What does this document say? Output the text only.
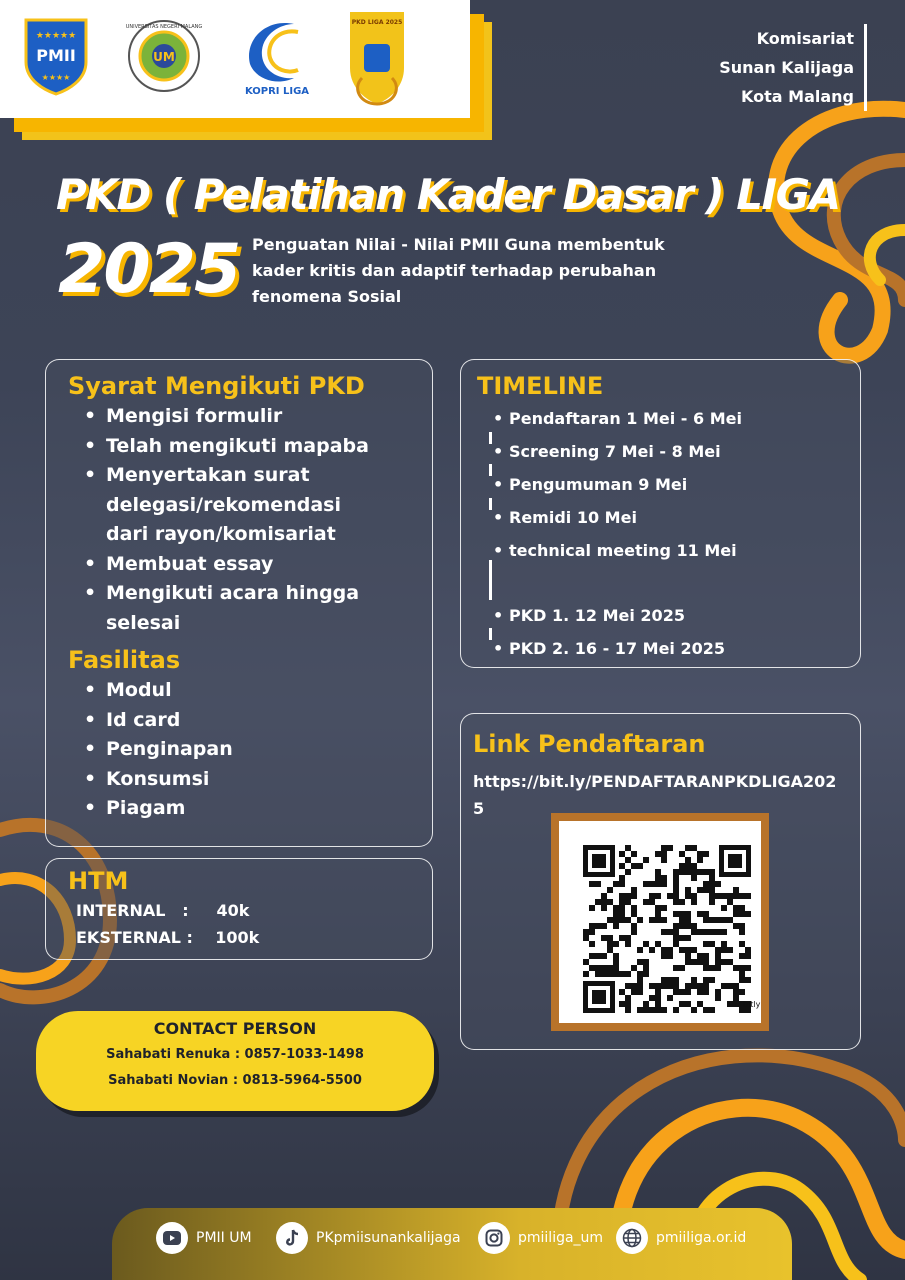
PMII
★★★★★
★★★★
UM
UNIVERSITAS NEGERI MALANG
KOPRI LIGA
PKD LIGA 2025
Komisariat
Sunan Kalijaga
Kota Malang
PKD ( Pelatihan Kader Dasar ) LIGA
2025 Penguatan Nilai - Nilai PMII Guna membentuk kader kritis dan adaptif terhadap perubahan fenomena Sosial
Syarat Mengikuti PKD
• Mengisi formulir
• Telah mengikuti mapaba
• Menyertakan surat delegasi/rekomendasi dari rayon/komisariat
• Membuat essay
• Mengikuti acara hingga selesai
Fasilitas
• Modul
• Id card
• Penginapan
• Konsumsi
• Piagam
HTM
INTERNAL   :     40k
EKSTERNAL :    100k
TIMELINE
• Pendaftaran 1 Mei - 6 Mei
• Screening 7 Mei - 8 Mei
• Pengumuman 9 Mei
• Remidi 10 Mei
• technical meeting 11 Mei
• PKD 1. 12 Mei 2025
• PKD 2. 16 - 17 Mei 2025
Link Pendaftaran
https://bit.ly/PENDAFTARANPKDLIGA2025
bitly
CONTACT PERSON
Sahabati Renuka : 0857-1033-1498
Sahabati Novian : 0813-5964-5500
PMII UM	PKpmiisunankalijaga	pmiiliga_um	pmiiliga.or.id
